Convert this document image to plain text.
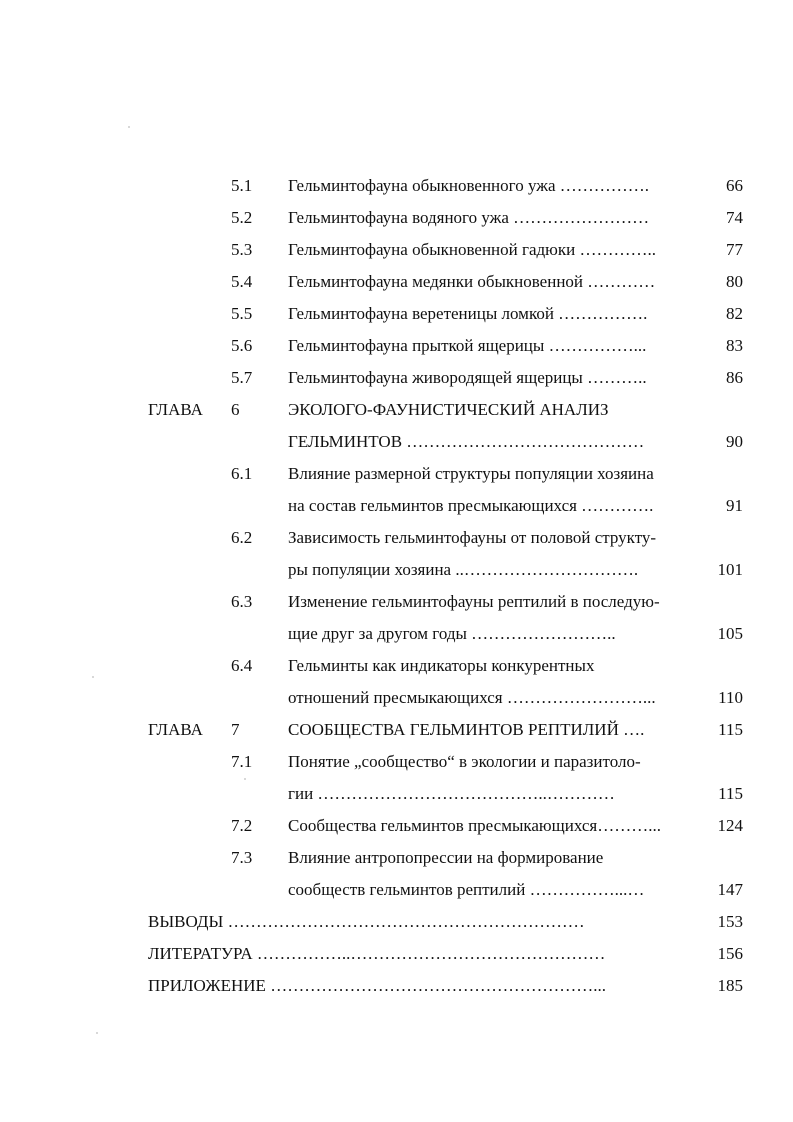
5.1 Гельминтофауна обыкновенного ужа …………….	66
5.2 Гельминтофауна водяного ужа ……………………	74
5.3 Гельминтофауна обыкновенной гадюки …………..	77
5.4 Гельминтофауна медянки обыкновенной …………	80
5.5 Гельминтофауна веретеницы ломкой …………….	82
5.6 Гельминтофауна прыткой ящерицы ……………...	83
5.7 Гельминтофауна живородящей ящерицы ………..	86
ГЛАВА 6	ЭКОЛОГО-ФАУНИСТИЧЕСКИЙ АНАЛИЗ
ГЕЛЬМИНТОВ ……………………………………	90
6.1 Влияние размерной структуры популяции хозяина
на состав гельминтов пресмыкающихся ………….	91
6.2 Зависимость гельминтофауны от половой структу-
ры популяции хозяина ..………………………….	101
6.3 Изменение гельминтофауны рептилий в последую-
щие друг за другом годы ……………………..	105
6.4 Гельминты как индикаторы конкурентных
отношений пресмыкающихся ……………………...	110
ГЛАВА 7	СООБЩЕСТВА ГЕЛЬМИНТОВ РЕПТИЛИЙ ….	115
7.1 Понятие „сообщество“ в экологии и паразитоло-
гии …………………………………..…………	115
7.2 Сообщества гельминтов пресмыкающихся………...	124
7.3 Влияние антропопрессии на формирование
сообществ гельминтов рептилий ……………...…	147
ВЫВОДЫ ………………………………………………………	153
ЛИТЕРАТУРА ……………..………………………………………	156
ПРИЛОЖЕНИЕ …………………………………………………...	185
